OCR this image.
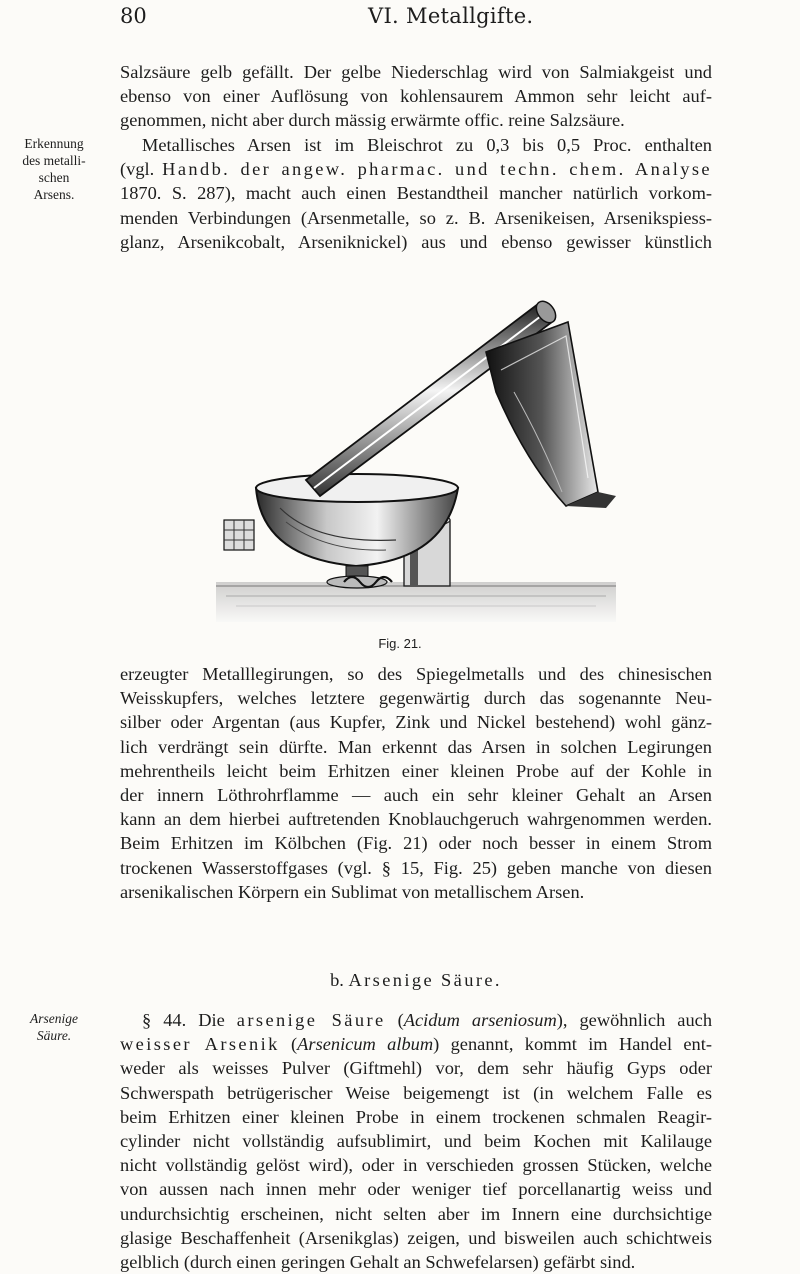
80	VI. Metallgifte.
Erkennung
des metalli-
schen
Arsens.
Salzsäure gelb gefällt. Der gelbe Niederschlag wird von Salmiakgeist und
ebenso von einer Auflösung von kohlensaurem Ammon sehr leicht auf-
genommen, nicht aber durch mässig erwärmte offic. reine Salzsäure.
Metallisches Arsen ist im Bleischrot zu 0,3 bis 0,5 Proc. enthalten
(vgl. Handb. der angew. pharmac. und techn. chem. Analyse
1870. S. 287), macht auch einen Bestandtheil mancher natürlich vorkom-
menden Verbindungen (Arsenmetalle, so z. B. Arsenikeisen, Arsenikspiess-
glanz, Arsenikcobalt, Arseniknickel) aus und ebenso gewisser künstlich
Fig. 21.
erzeugter Metalllegirungen, so des Spiegelmetalls und des chinesischen
Weisskupfers, welches letztere gegenwärtig durch das sogenannte Neu-
silber oder Argentan (aus Kupfer, Zink und Nickel bestehend) wohl gänz-
lich verdrängt sein dürfte. Man erkennt das Arsen in solchen Legirungen
mehrentheils leicht beim Erhitzen einer kleinen Probe auf der Kohle in
der innern Löthrohrflamme — auch ein sehr kleiner Gehalt an Arsen
kann an dem hierbei auftretenden Knoblauchgeruch wahrgenommen werden.
Beim Erhitzen im Kölbchen (Fig. 21) oder noch besser in einem Strom
trockenen Wasserstoffgases (vgl. § 15, Fig. 25) geben manche von diesen
arsenikalischen Körpern ein Sublimat von metallischem Arsen.
b. Arsenige Säure.
Arsenige
Säure.
§ 44. Die arsenige Säure (Acidum arseniosum), gewöhnlich auch
weisser Arsenik (Arsenicum album) genannt, kommt im Handel ent-
weder als weisses Pulver (Giftmehl) vor, dem sehr häufig Gyps oder
Schwerspath betrügerischer Weise beigemengt ist (in welchem Falle es
beim Erhitzen einer kleinen Probe in einem trockenen schmalen Reagir-
cylinder nicht vollständig aufsublimirt, und beim Kochen mit Kalilauge
nicht vollständig gelöst wird), oder in verschieden grossen Stücken, welche
von aussen nach innen mehr oder weniger tief porcellanartig weiss und
undurchsichtig erscheinen, nicht selten aber im Innern eine durchsichtige
glasige Beschaffenheit (Arsenikglas) zeigen, und bisweilen auch schichtweis
gelblich (durch einen geringen Gehalt an Schwefelarsen) gefärbt sind.
